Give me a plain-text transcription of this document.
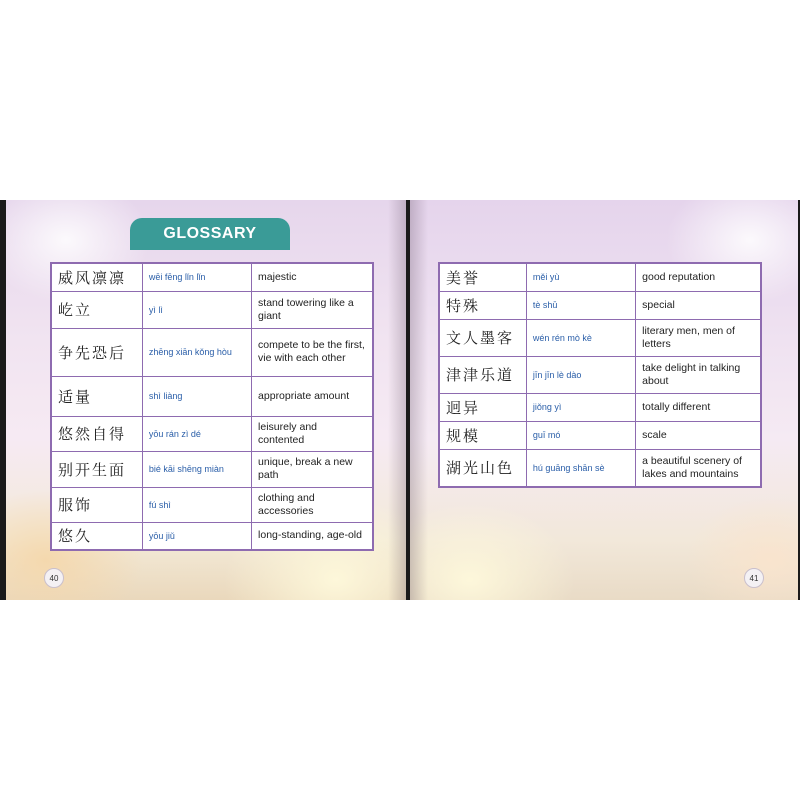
GLOSSARY
威风凛凛	wēi fēng lǐn lǐn	majestic
屹立	yì lì	stand towering like a giant
争先恐后	zhēng xiān kǒng hòu	compete to be the first, vie with each other
适量	shì liàng	appropriate amount
悠然自得	yōu rán zì dé	leisurely and contented
别开生面	bié kāi shēng miàn	unique, break a new path
服饰	fú shì	clothing and accessories
悠久	yōu jiǔ	long-standing, age-old
40
美誉	měi yù	good reputation
特殊	tè shū	special
文人墨客	wén rén mò kè	literary men, men of letters
津津乐道	jīn jīn lè dào	take delight in talking about
迥异	jiǒng yì	totally different
规模	guī mó	scale
湖光山色	hú guāng shān sè	a beautiful scenery of lakes and mountains
41
